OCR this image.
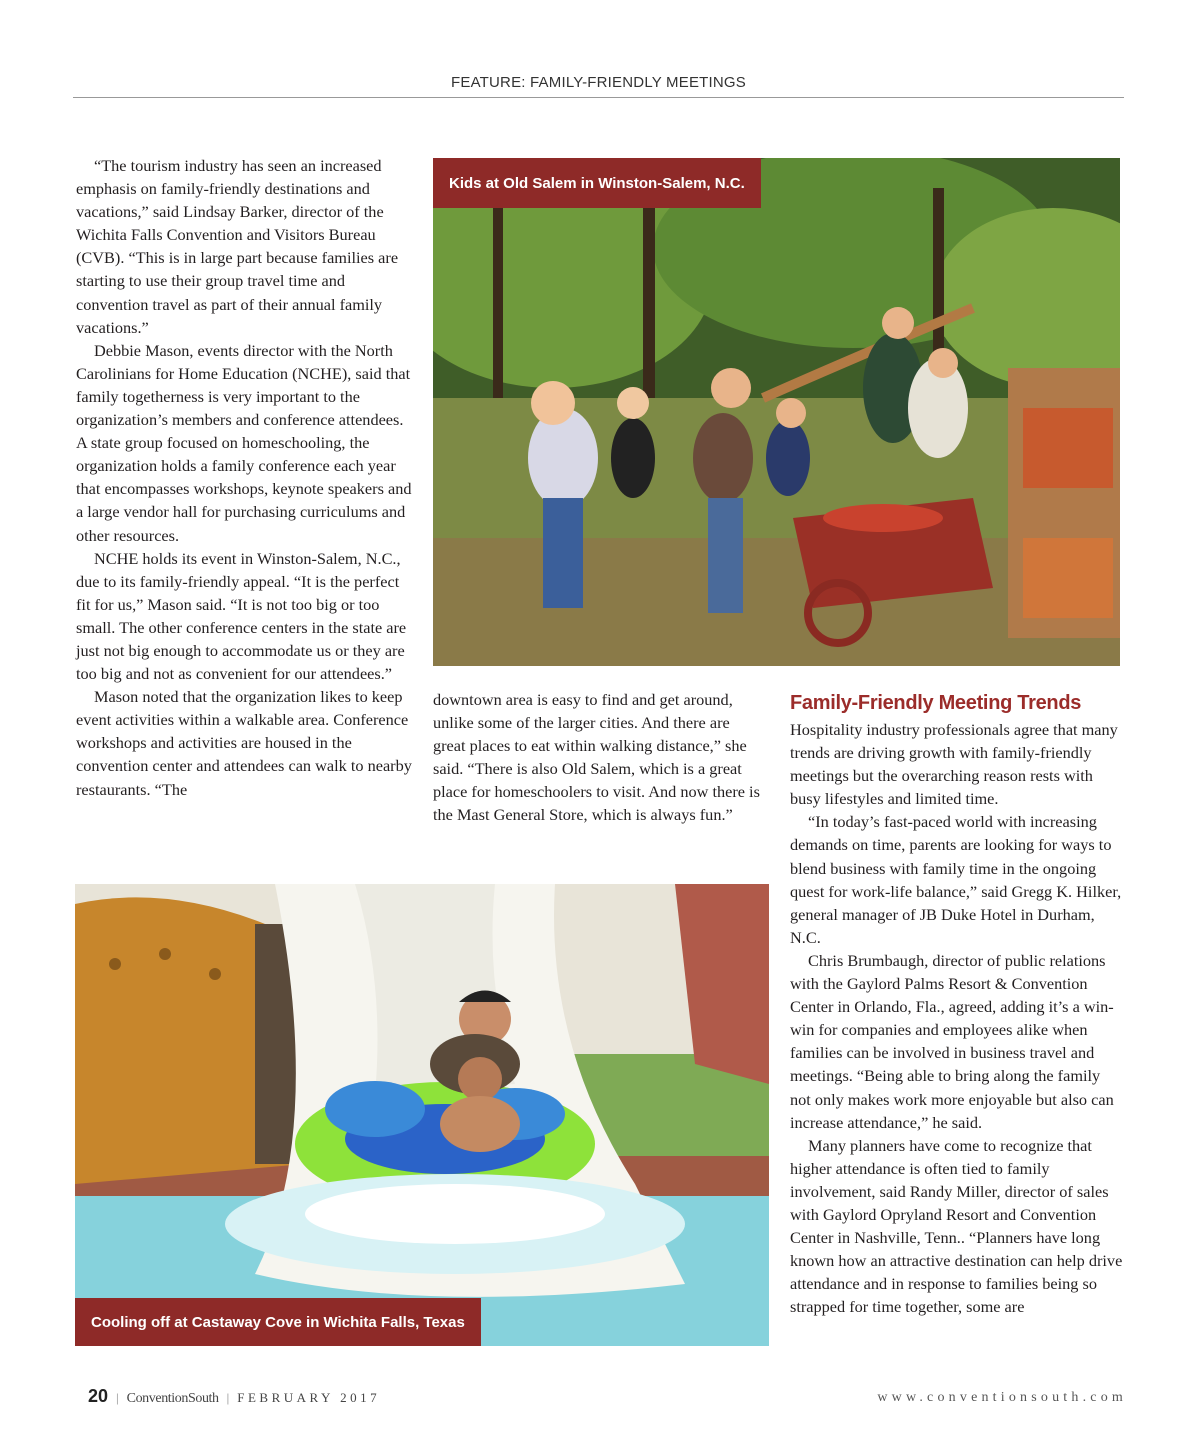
FEATURE: FAMILY-FRIENDLY MEETINGS

“The tourism industry has seen an increased emphasis on family-friendly destinations and vacations,” said Lindsay Barker, director of the Wichita Falls Convention and Visitors Bureau (CVB). “This is in large part because families are starting to use their group travel time and convention travel as part of their annual family vacations.”

Debbie Mason, events director with the North Carolinians for Home Education (NCHE), said that family togetherness is very important to the organization’s members and conference attendees. A state group focused on homeschooling, the organization holds a family conference each year that encompasses workshops, keynote speakers and a large vendor hall for purchasing curriculums and other resources.

NCHE holds its event in Winston-Salem, N.C., due to its family-friendly appeal. “It is the perfect fit for us,” Mason said. “It is not too big or too small. The other conference centers in the state are just not big enough to accommodate us or they are too big and not as convenient for our attendees.”

Mason noted that the organization likes to keep event activities within a walkable area. Conference workshops and activities are housed in the convention center and attendees can walk to nearby restaurants. “The

Kids at Old Salem in Winston-Salem, N.C.
Family-Friendly Meeting Trends

downtown area is easy to find and get around, unlike some of the larger cities. And there are great places to eat within walking distance,” she said. “There is also Old Salem, which is a great place for homeschoolers to visit. And now there is the Mast General Store, which is always fun.”

Hospitality industry professionals agree that many trends are driving growth with family-friendly meetings but the overarching reason rests with busy lifestyles and limited time.

“In today’s fast-paced world with increasing demands on time, parents are looking for ways to blend business with family time in the ongoing quest for work-life balance,” said Gregg K. Hilker, general manager of JB Duke Hotel in Durham, N.C.

Chris Brumbaugh, director of public relations with the Gaylord Palms Resort & Convention Center in Orlando, Fla., agreed, adding it’s a win-win for companies and employees alike when families can be involved in business travel and meetings. “Being able to bring along the family not only makes work more enjoyable but also can increase attendance,” he said.

Many planners have come to recognize that higher attendance is often tied to family involvement, said Randy Miller, director of sales with Gaylord Opryland Resort and Convention Center in Nashville, Tenn.. “Planners have long known how an attractive destination can help drive attendance and in response to families being so strapped for time together, some are

Cooling off at Castaway Cove in Wichita Falls, Texas
20 | ConventionSouth | FEBRUARY 2017	www.conventionsouth.com
